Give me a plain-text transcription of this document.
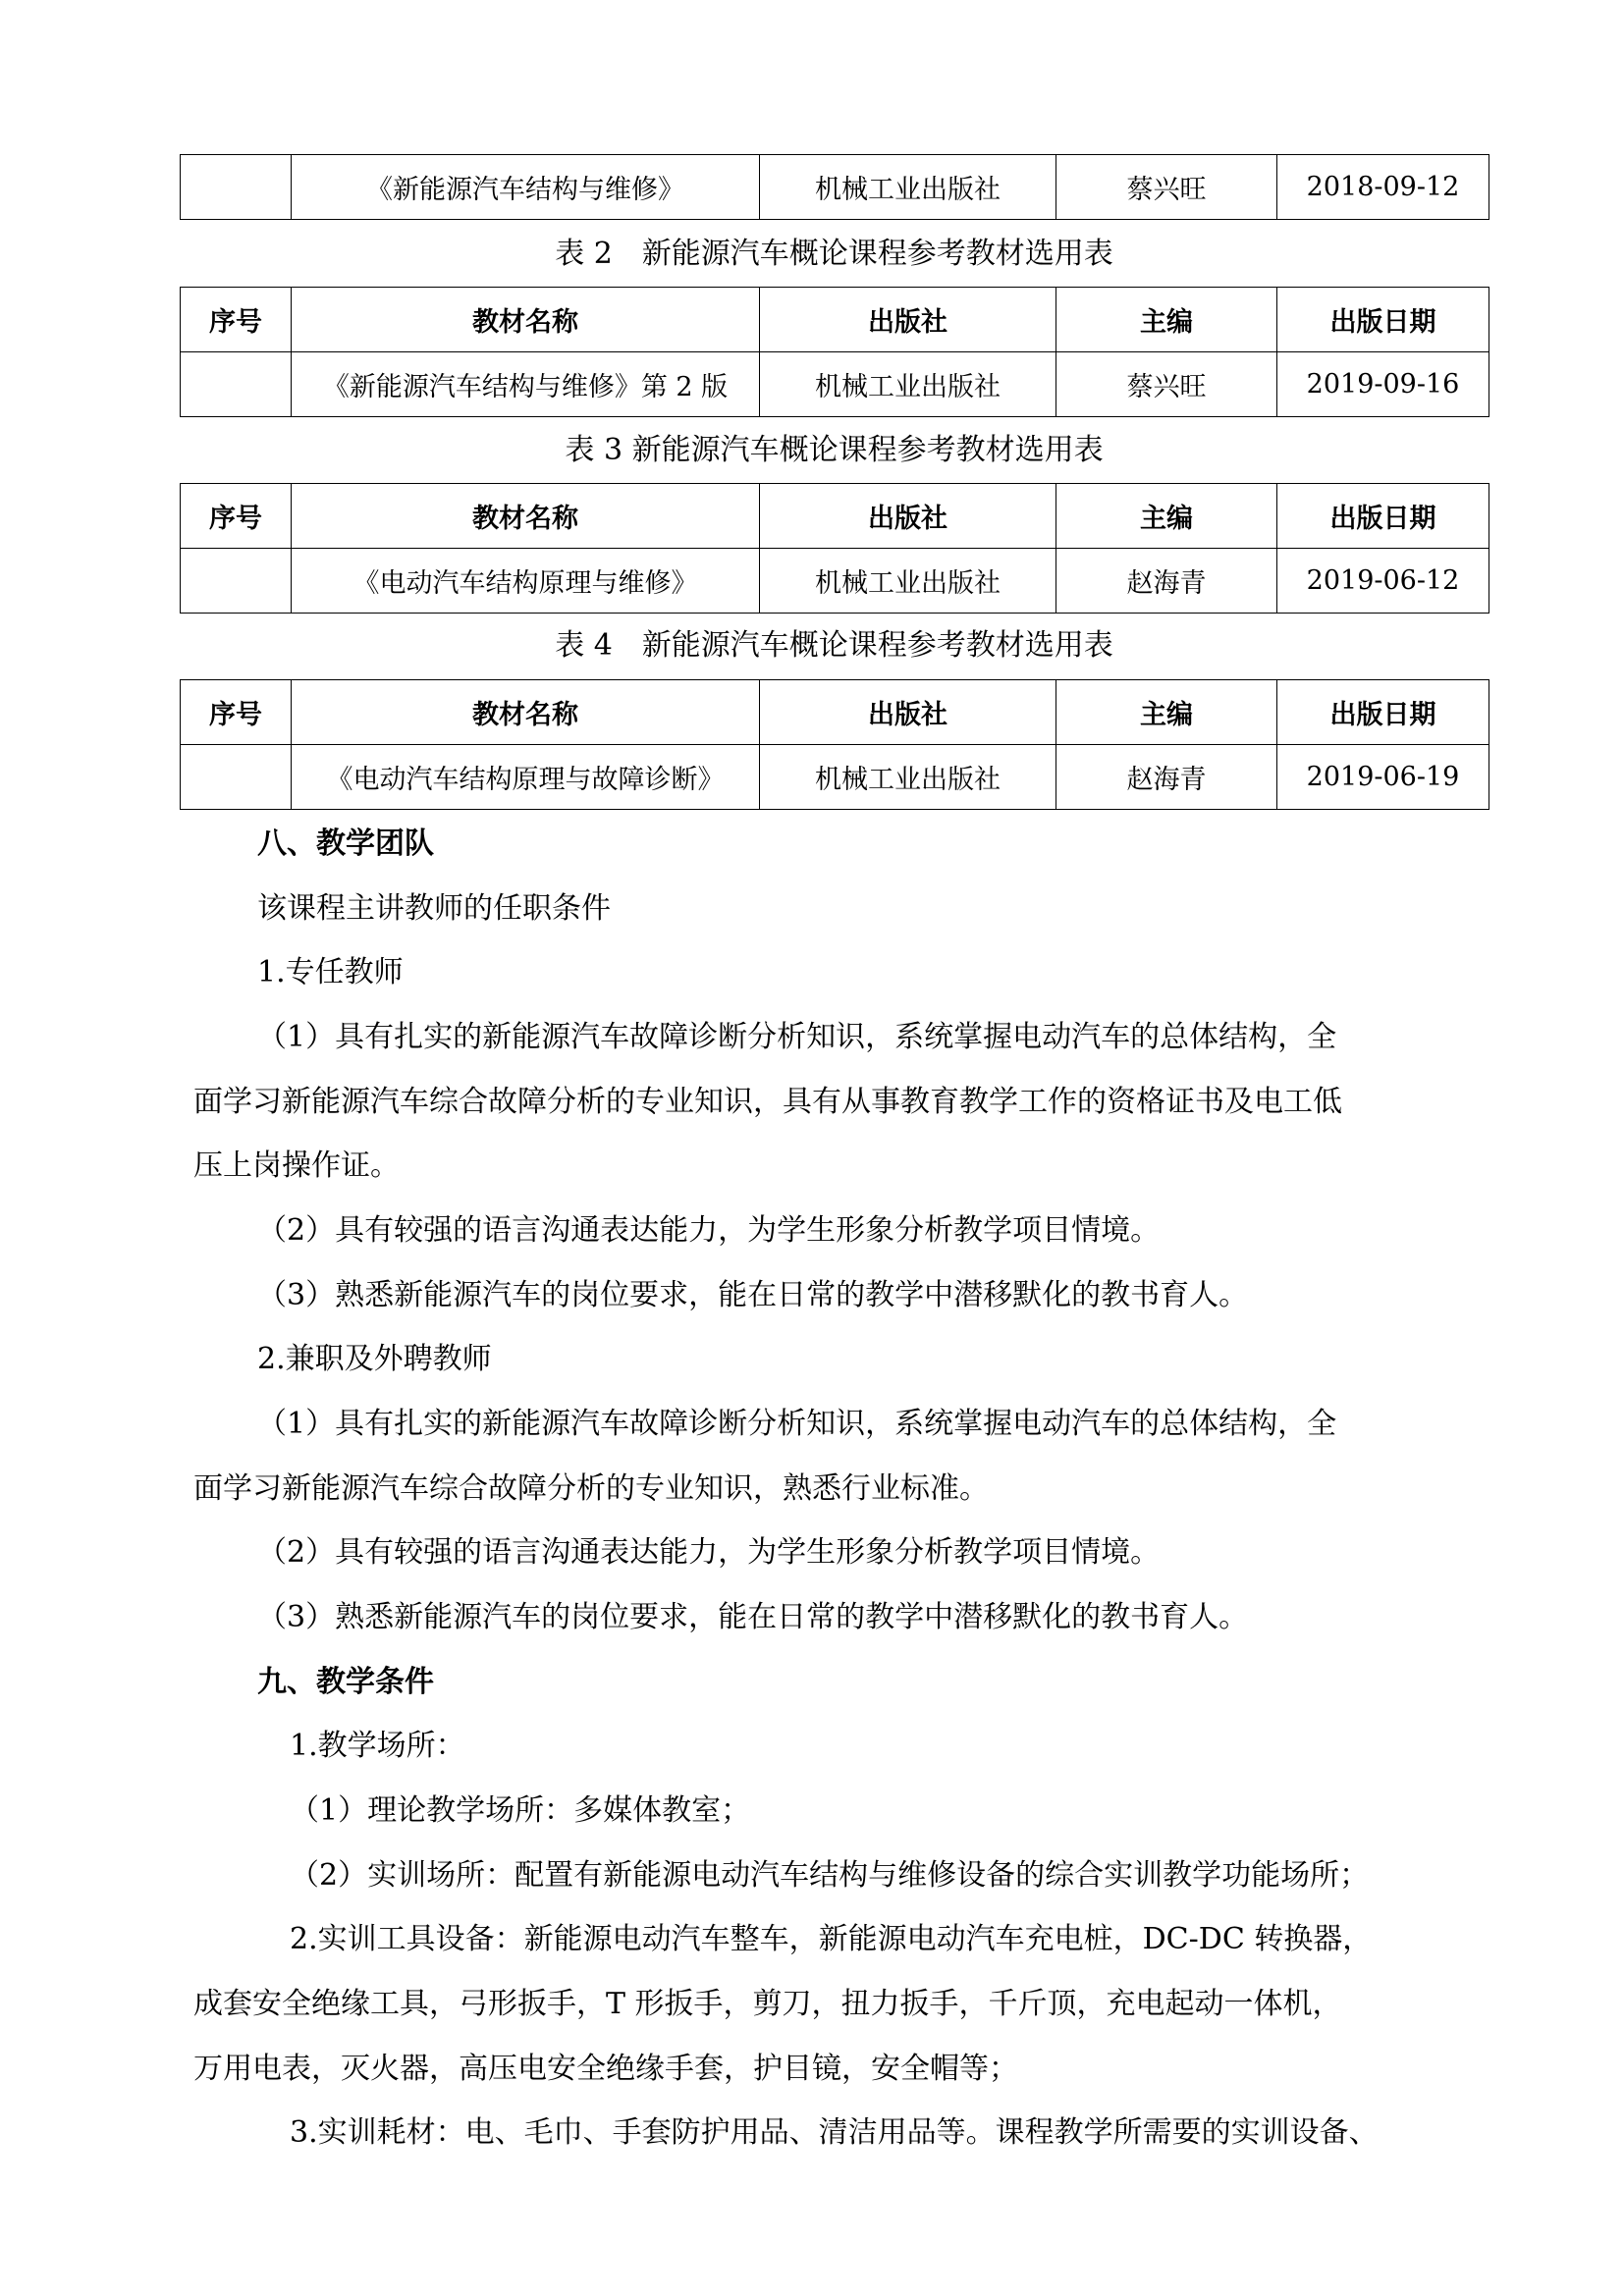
	《新能源汽车结构与维修》	机械工业出版社	蔡兴旺	2018-09-12
表 2　新能源汽车概论课程参考教材选用表
序号	教材名称	出版社	主编	出版日期
	《新能源汽车结构与维修》第 2 版	机械工业出版社	蔡兴旺	2019-09-16
表 3 新能源汽车概论课程参考教材选用表
序号	教材名称	出版社	主编	出版日期
	《电动汽车结构原理与维修》	机械工业出版社	赵海青	2019-06-12
表 4　新能源汽车概论课程参考教材选用表
序号	教材名称	出版社	主编	出版日期
	《电动汽车结构原理与故障诊断》	机械工业出版社	赵海青	2019-06-19
八、教学团队
该课程主讲教师的任职条件
1.专任教师
（1）具有扎实的新能源汽车故障诊断分析知识，系统掌握电动汽车的总体结构，全
面学习新能源汽车综合故障分析的专业知识，具有从事教育教学工作的资格证书及电工低
压上岗操作证。
（2）具有较强的语言沟通表达能力，为学生形象分析教学项目情境。
（3）熟悉新能源汽车的岗位要求，能在日常的教学中潜移默化的教书育人。
2.兼职及外聘教师
（1）具有扎实的新能源汽车故障诊断分析知识，系统掌握电动汽车的总体结构，全
面学习新能源汽车综合故障分析的专业知识，熟悉行业标准。
（2）具有较强的语言沟通表达能力，为学生形象分析教学项目情境。
（3）熟悉新能源汽车的岗位要求，能在日常的教学中潜移默化的教书育人。
九、教学条件
1.教学场所：
（1）理论教学场所：多媒体教室；
（2）实训场所：配置有新能源电动汽车结构与维修设备的综合实训教学功能场所；
2.实训工具设备：新能源电动汽车整车，新能源电动汽车充电桩，DC-DC 转换器，
成套安全绝缘工具，弓形扳手，T 形扳手，剪刀，扭力扳手，千斤顶，充电起动一体机，
万用电表，灭火器，高压电安全绝缘手套，护目镜，安全帽等；
3.实训耗材：电、毛巾、手套防护用品、清洁用品等。课程教学所需要的实训设备、
